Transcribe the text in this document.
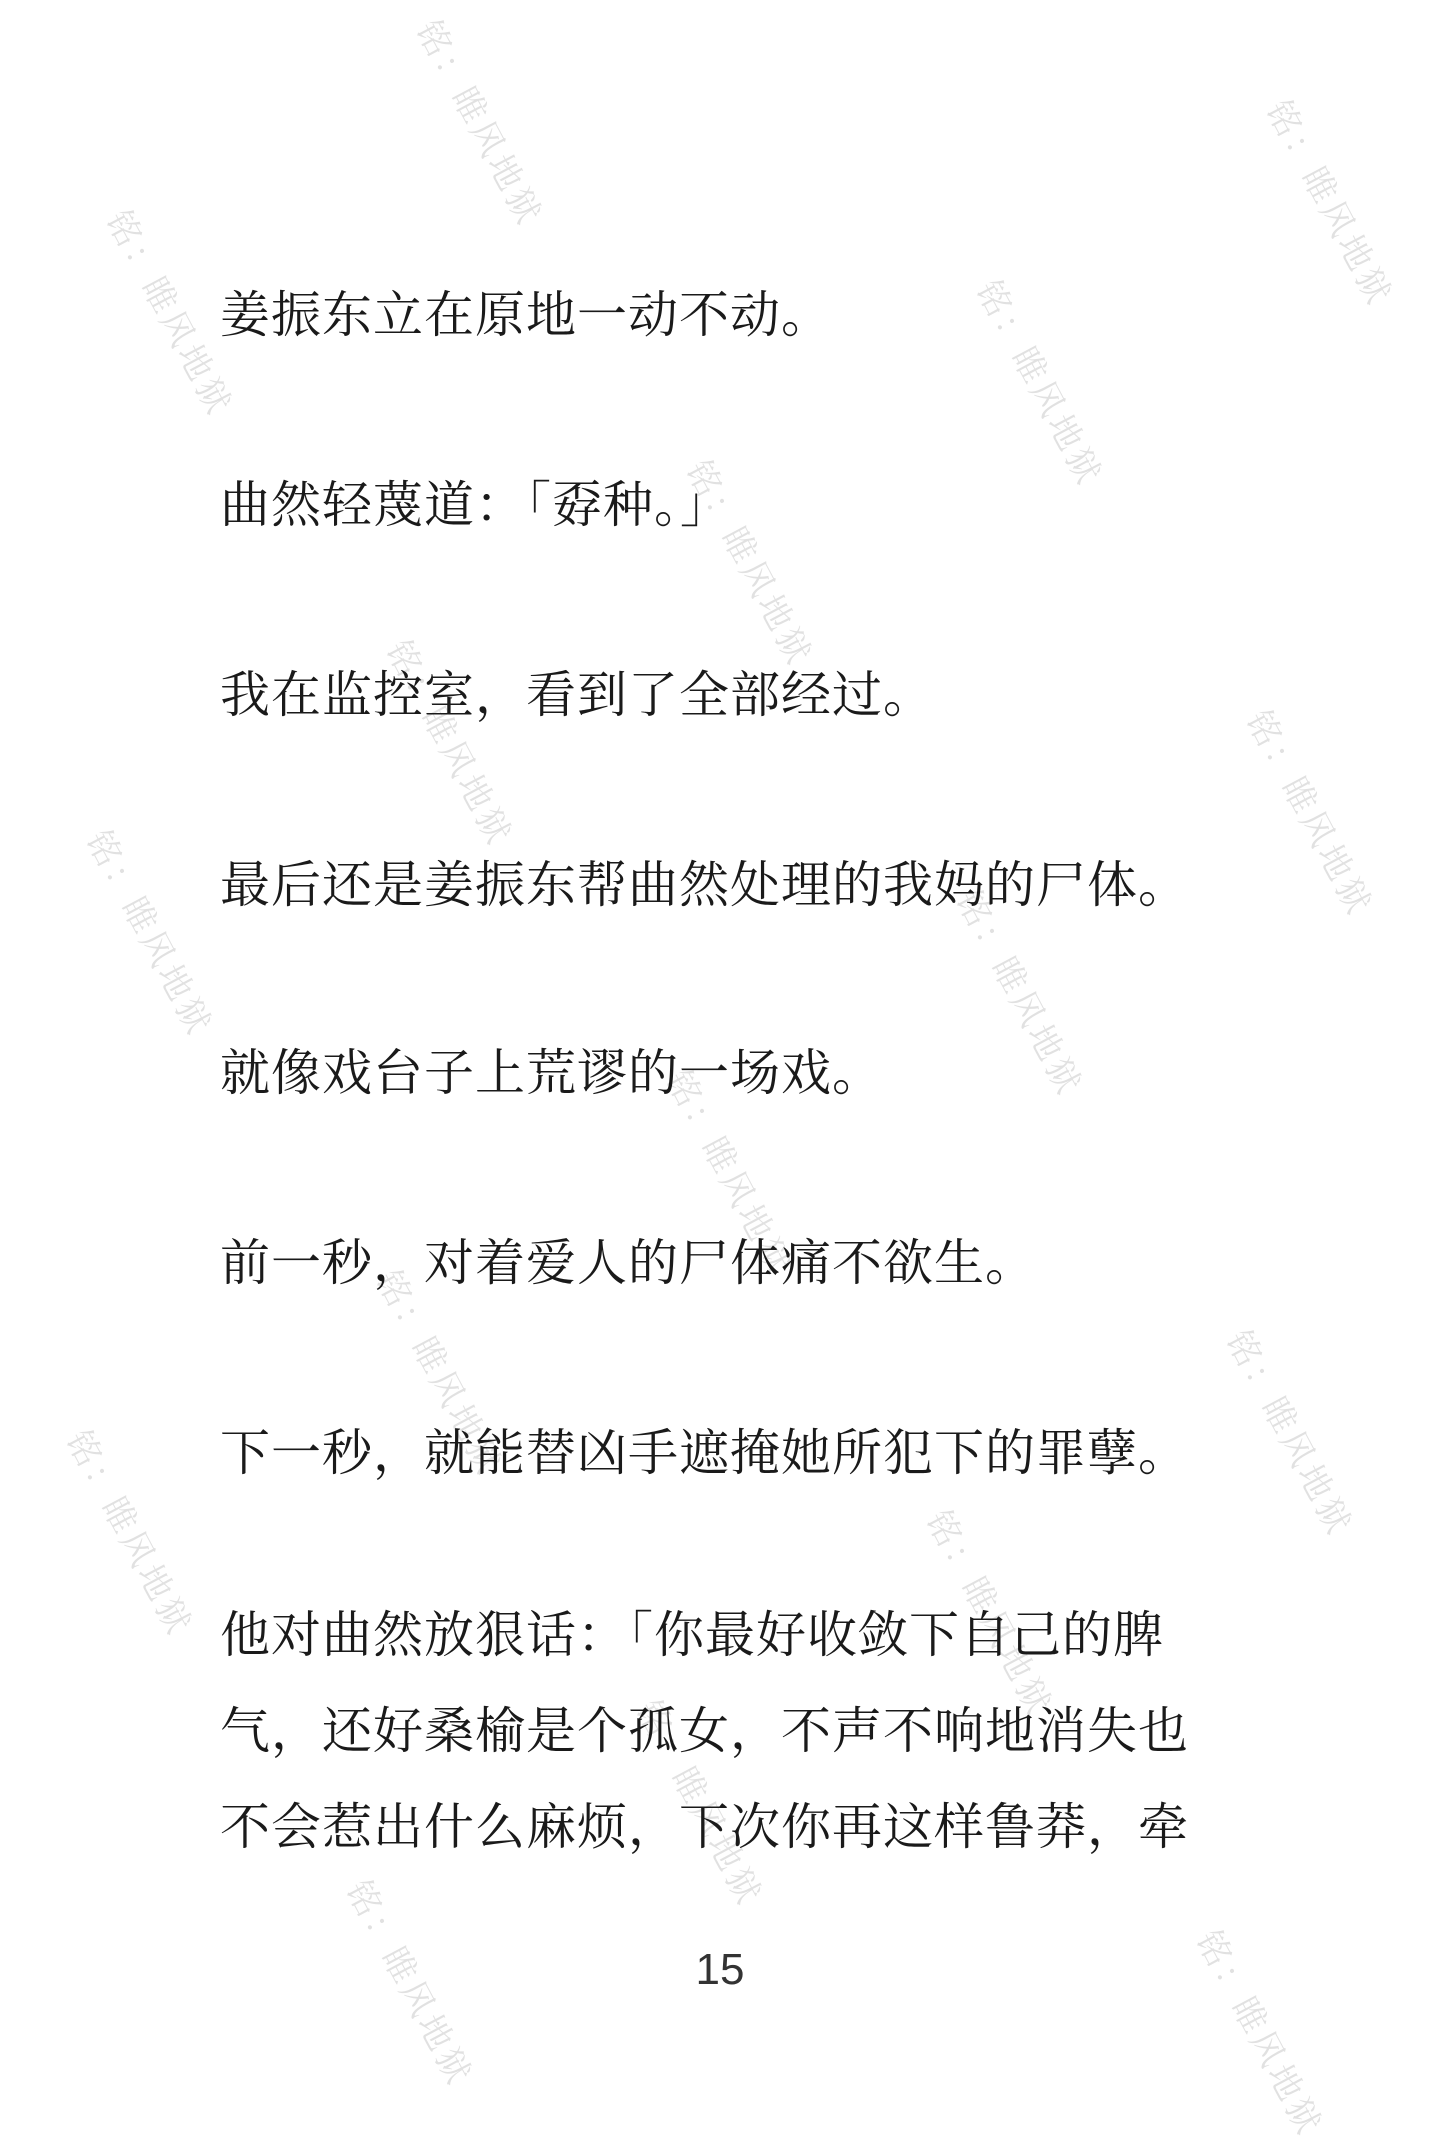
铭：睢风地狱
铭：睢风地狱	铭：睢风地狱
铭：睢风地狱
铭：睢风地狱
铭：睢风地狱
铭：睢风地狱
铭：睢风地狱
铭：睢风地狱
铭：睢风地狱
铭：睢风地狱
铭：睢风地狱	铭：睢风地狱
铭：睢风地狱
铭：睢风地狱
铭：睢风地狱	铭：睢风地狱

姜振东立在原地一动不动。

曲然轻蔑道：「孬种。」

我在监控室，看到了全部经过。

最后还是姜振东帮曲然处理的我妈的尸体。

就像戏台子上荒谬的一场戏。

前一秒，对着爱人的尸体痛不欲生。

下一秒，就能替凶手遮掩她所犯下的罪孽。

他对曲然放狠话：「你最好收敛下自己的脾
气，还好桑榆是个孤女，不声不响地消失也
不会惹出什么麻烦，下次你再这样鲁莽，牵

15
